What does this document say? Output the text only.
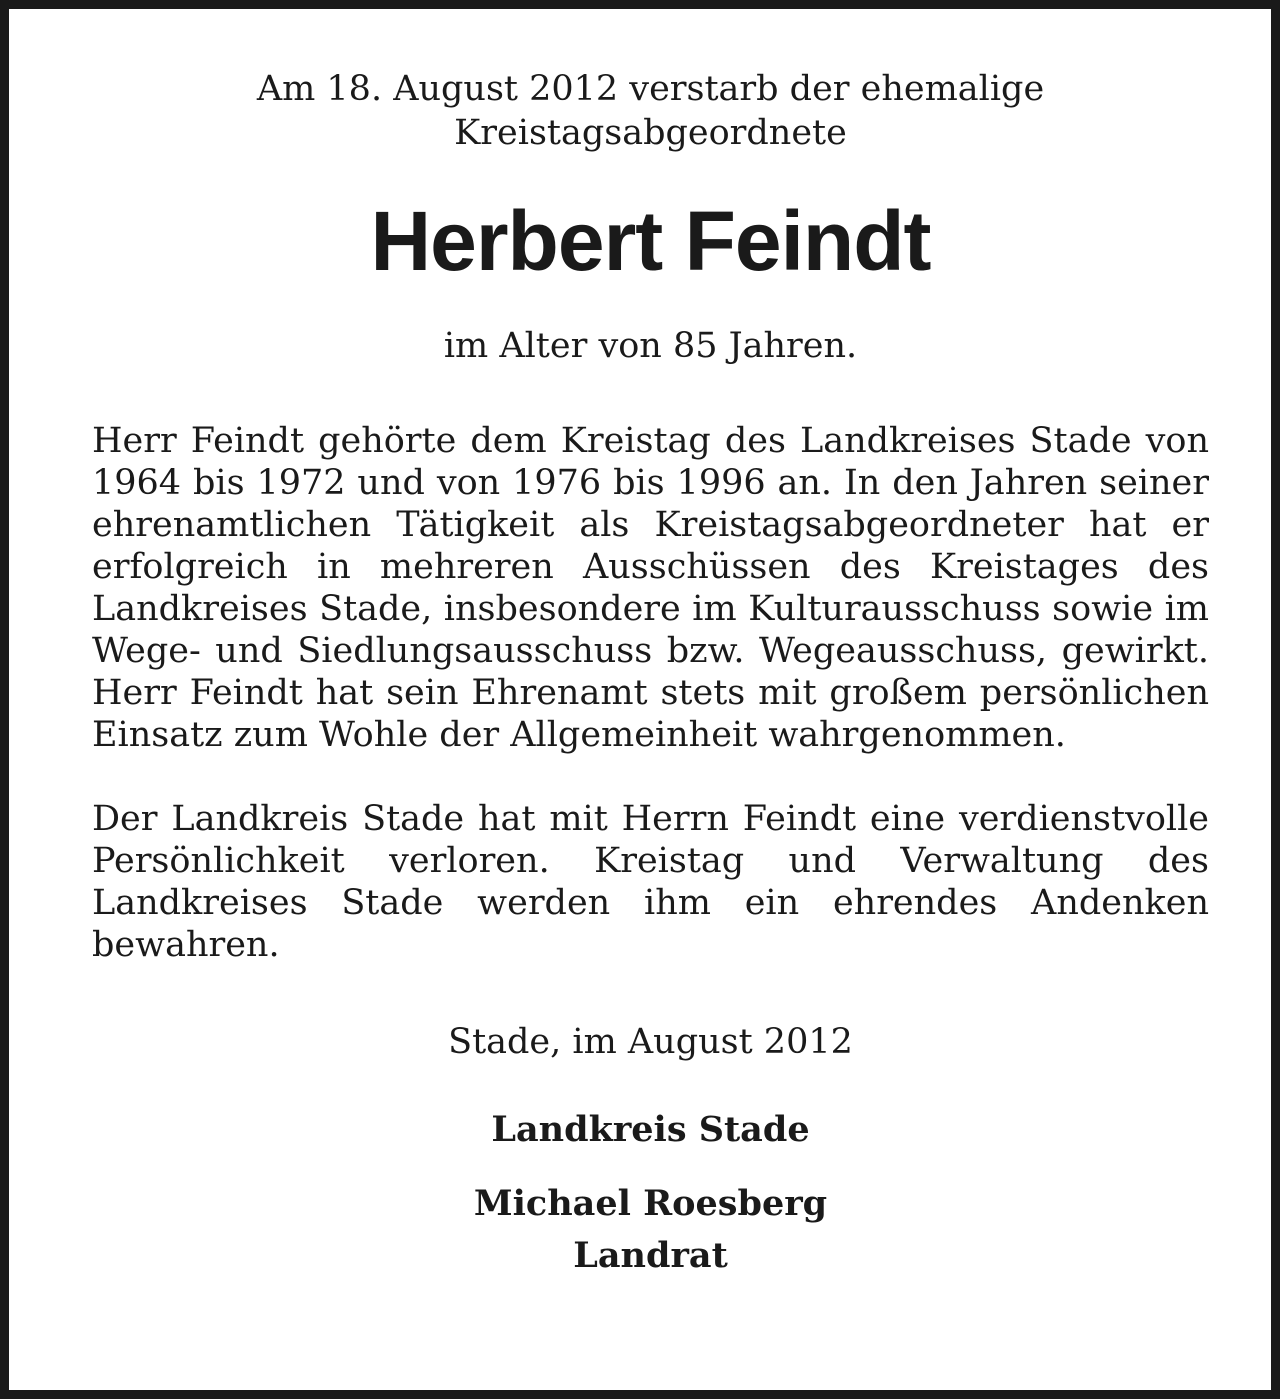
Am 18. August 2012 verstarb der ehemalige

Kreistagsabgeordnete

Herbert Feindt

im Alter von 85 Jahren.

Herr Feindt gehörte dem Kreistag des Landkreises Stade von 1964 bis 1972 und von 1976 bis 1996 an. In den Jahren seiner ehrenamtlichen Tätigkeit als Kreistagsabgeordneter hat er erfolgreich in mehreren Ausschüssen des Kreistages des Landkreises Stade, insbesondere im Kulturausschuss sowie im Wege- und Siedlungsausschuss bzw. Wegeausschuss, gewirkt. Herr Feindt hat sein Ehrenamt stets mit großem persönlichen Einsatz zum Wohle der Allgemeinheit wahrgenommen.

Der Landkreis Stade hat mit Herrn Feindt eine verdienstvolle Persönlichkeit verloren. Kreistag und Verwaltung des Landkreises Stade werden ihm ein ehrendes Andenken bewahren.

Stade, im August 2012

Landkreis Stade

Michael Roesberg

Landrat
